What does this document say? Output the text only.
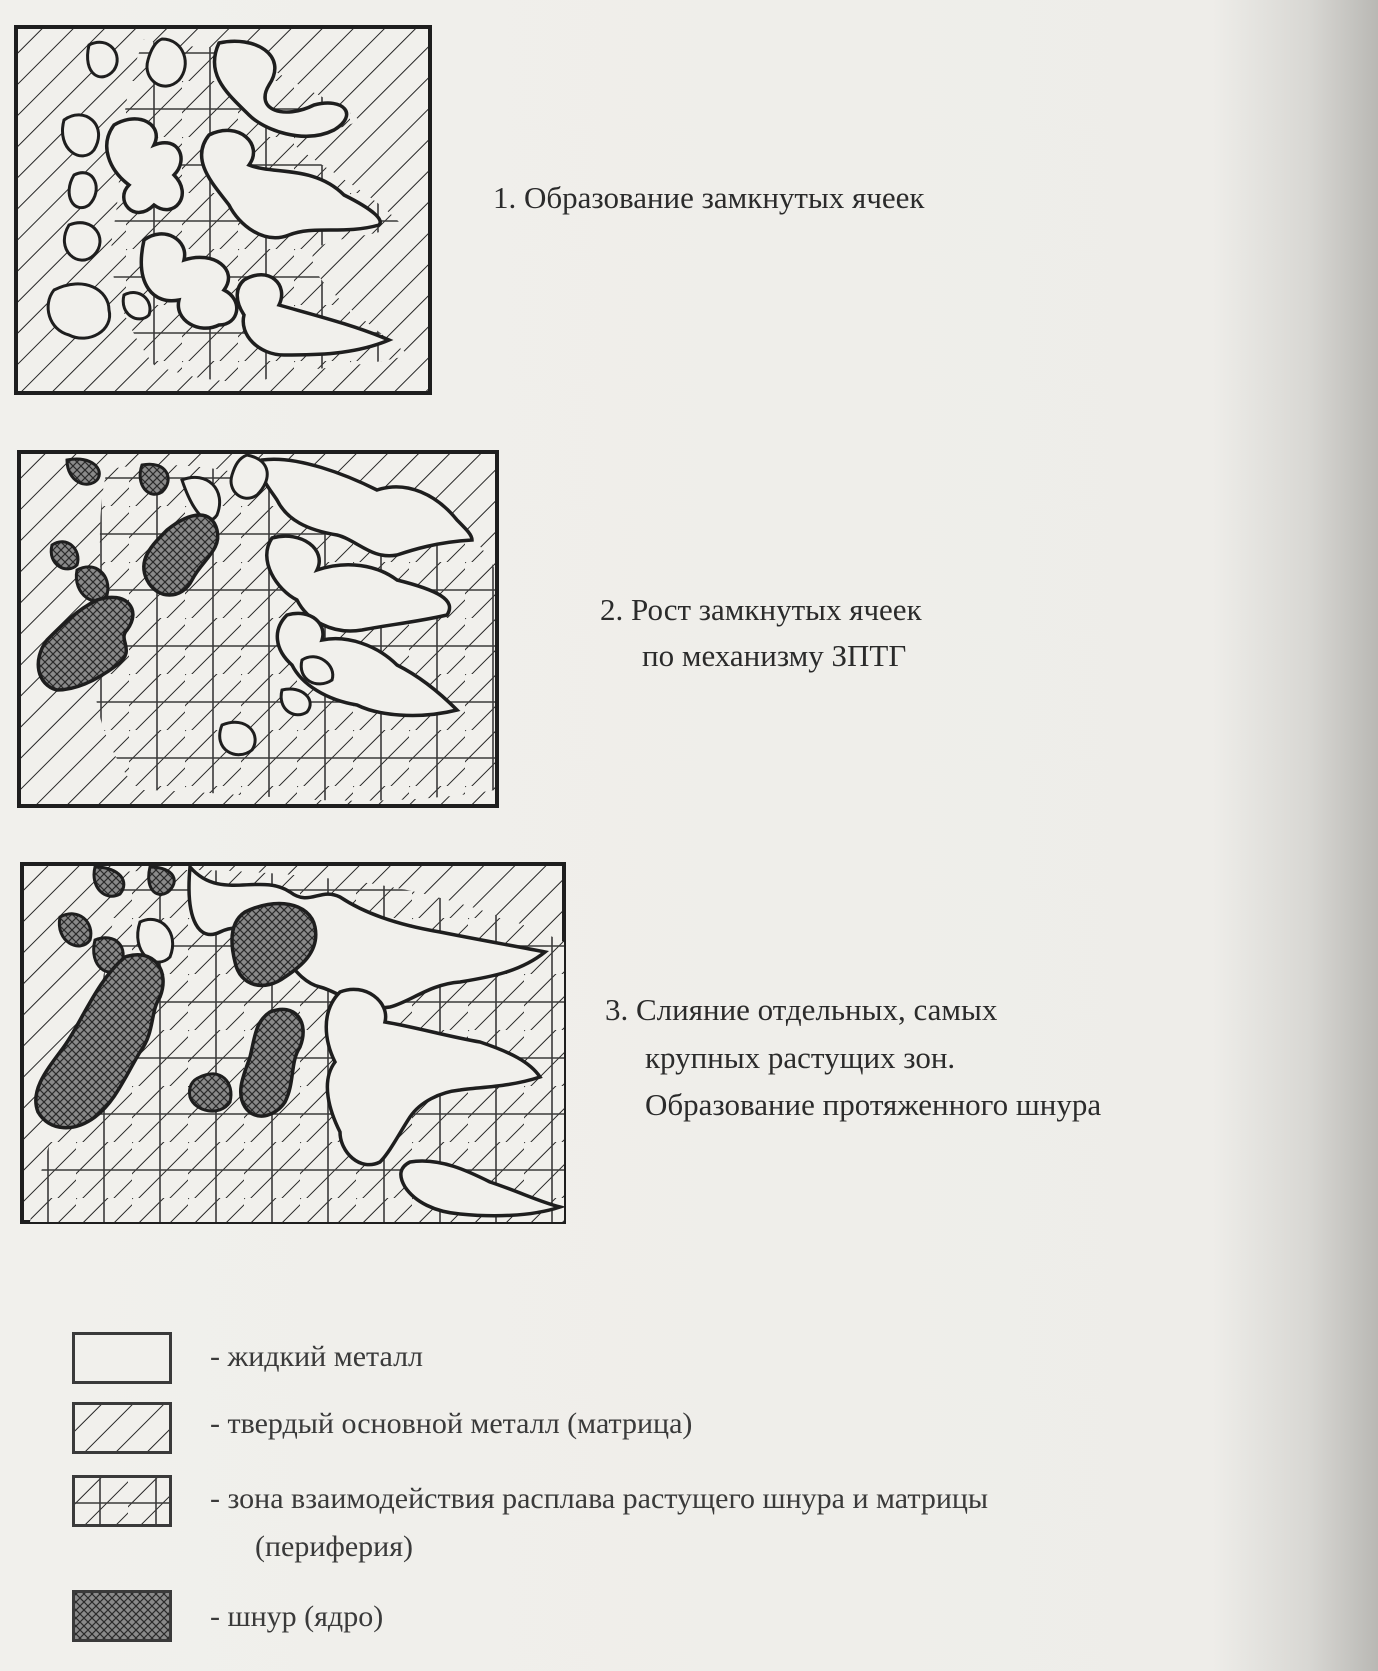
1. Образование замкнутых ячеек
2. Рост замкнутых ячеек
по механизму ЗПТГ
3. Слияние отдельных, самых
крупных растущих зон.
Образование протяженного шнура
- жидкий металл
- твердый основной металл (матрица)
- зона взаимодействия расплава растущего шнура и матрицы
(периферия)
- шнур (ядро)
